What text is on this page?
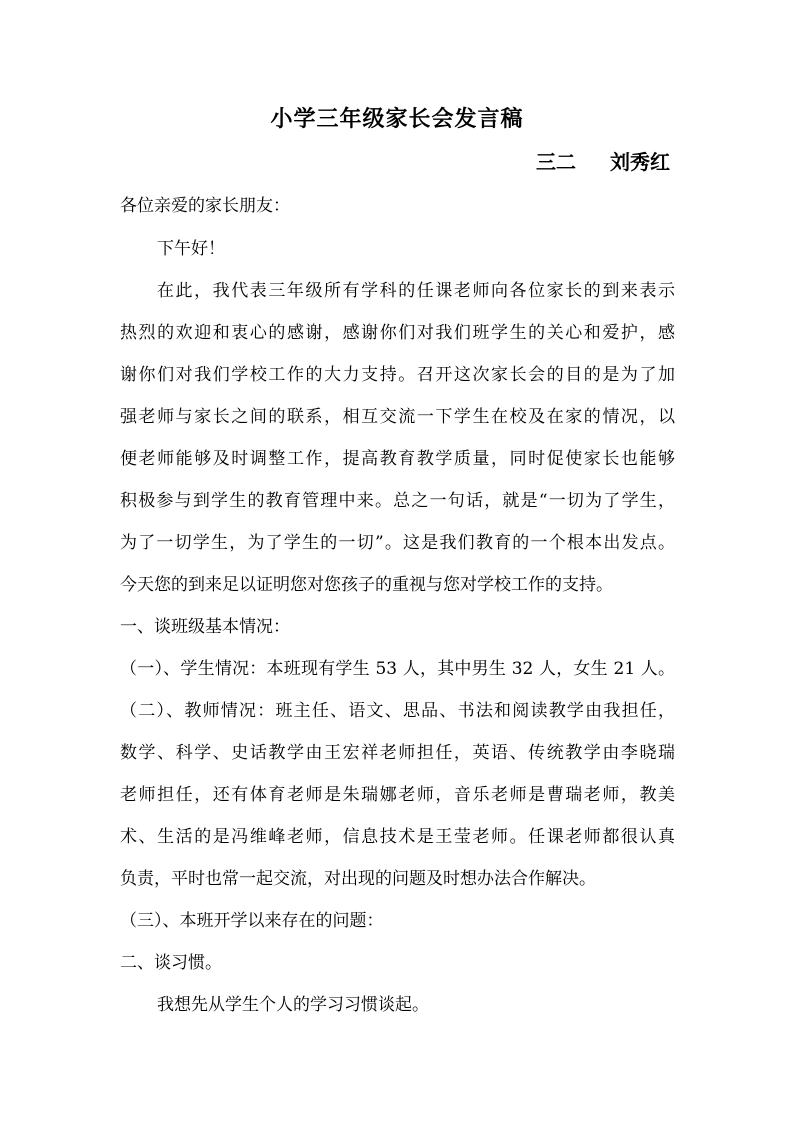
小学三年级家长会发言稿
三二 刘秀红
各位亲爱的家长朋友：
下午好！
在此，我代表三年级所有学科的任课老师向各位家长的到来表示
热烈的欢迎和衷心的感谢，感谢你们对我们班学生的关心和爱护，感
谢你们对我们学校工作的大力支持。召开这次家长会的目的是为了加
强老师与家长之间的联系，相互交流一下学生在校及在家的情况，以
便老师能够及时调整工作，提高教育教学质量，同时促使家长也能够
积极参与到学生的教育管理中来。总之一句话，就是“一切为了学生，
为了一切学生，为了学生的一切”。这是我们教育的一个根本出发点。
今天您的到来足以证明您对您孩子的重视与您对学校工作的支持。
一、谈班级基本情况：
（一）、学生情况：本班现有学生 53 人，其中男生 32 人，女生 21 人。
（二）、教师情况：班主任、语文、思品、书法和阅读教学由我担任，
数学、科学、史话教学由王宏祥老师担任，英语、传统教学由李晓瑞
老师担任，还有体育老师是朱瑞娜老师，音乐老师是曹瑞老师，教美
术、生活的是冯维峰老师，信息技术是王莹老师。任课老师都很认真
负责，平时也常一起交流，对出现的问题及时想办法合作解决。
（三）、本班开学以来存在的问题：
二、谈习惯。
我想先从学生个人的学习习惯谈起。
